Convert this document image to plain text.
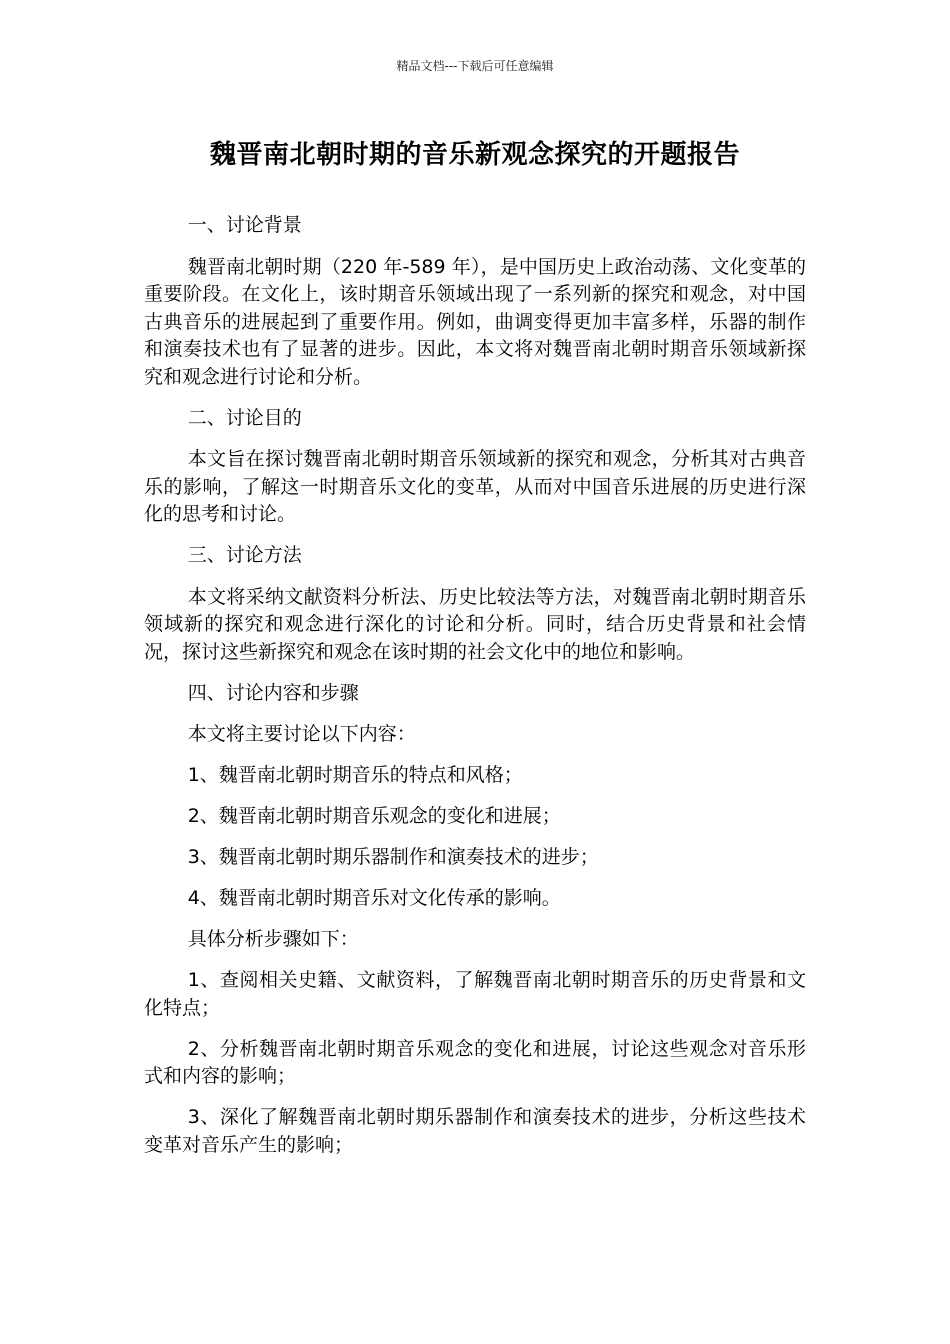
精品文档---下载后可任意编辑
魏晋南北朝时期的音乐新观念探究的开题报告

一、讨论背景

魏晋南北朝时期（220 年-589 年），是中国历史上政治动荡、文化变革的重要阶段。在文化上，该时期音乐领域出现了一系列新的探究和观念，对中国古典音乐的进展起到了重要作用。例如，曲调变得更加丰富多样，乐器的制作和演奏技术也有了显著的进步。因此，本文将对魏晋南北朝时期音乐领域新探究和观念进行讨论和分析。

二、讨论目的

本文旨在探讨魏晋南北朝时期音乐领域新的探究和观念，分析其对古典音乐的影响，了解这一时期音乐文化的变革，从而对中国音乐进展的历史进行深化的思考和讨论。

三、讨论方法

本文将采纳文献资料分析法、历史比较法等方法，对魏晋南北朝时期音乐领域新的探究和观念进行深化的讨论和分析。同时，结合历史背景和社会情况，探讨这些新探究和观念在该时期的社会文化中的地位和影响。

四、讨论内容和步骤

本文将主要讨论以下内容：

1、魏晋南北朝时期音乐的特点和风格；

2、魏晋南北朝时期音乐观念的变化和进展；

3、魏晋南北朝时期乐器制作和演奏技术的进步；

4、魏晋南北朝时期音乐对文化传承的影响。

具体分析步骤如下：

1、查阅相关史籍、文献资料，了解魏晋南北朝时期音乐的历史背景和文化特点；

2、分析魏晋南北朝时期音乐观念的变化和进展，讨论这些观念对音乐形式和内容的影响；

3、深化了解魏晋南北朝时期乐器制作和演奏技术的进步，分析这些技术变革对音乐产生的影响；
